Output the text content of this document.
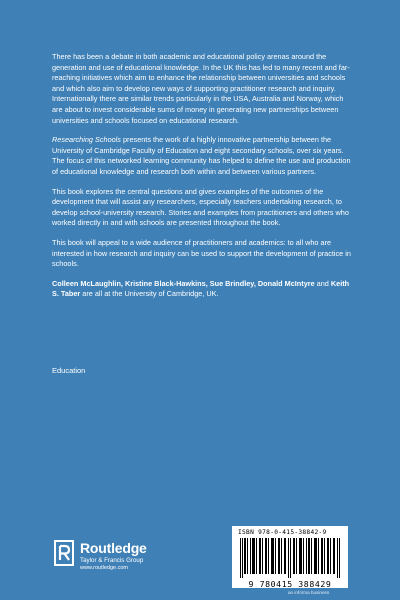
There has been a debate in both academic and educational policy arenas around the generation and use of educational knowledge. In the UK this has led to many recent and far-reaching initiatives which aim to enhance the relationship between universities and schools and which also aim to develop new ways of supporting practitioner research and inquiry. Internationally there are similar trends particularly in the USA, Australia and Norway, which are about to invest considerable sums of money in generating new partnerships between universities and schools focused on educational research.

Researching Schools presents the work of a highly innovative partnership between the University of Cambridge Faculty of Education and eight secondary schools, over six years. The focus of this networked learning community has helped to define the use and production of educational knowledge and research both within and between various partners.

This book explores the central questions and gives examples of the outcomes of the development that will assist any researchers, especially teachers undertaking research, to develop school-university research. Stories and examples from practitioners and others who worked directly in and with schools are presented throughout the book.

This book will appeal to a wide audience of practitioners and academics: to all who are interested in how research and inquiry can be used to support the development of practice in schools.

Colleen McLaughlin, Kristine Black-Hawkins, Sue Brindley, Donald McIntyre and Keith S. Taber are all at the University of Cambridge, UK.

Education
Routledge
Taylor & Francis Group
www.routledge.com
ISBN 978-0-415-38842-9
9 780415 388429
an informa business
